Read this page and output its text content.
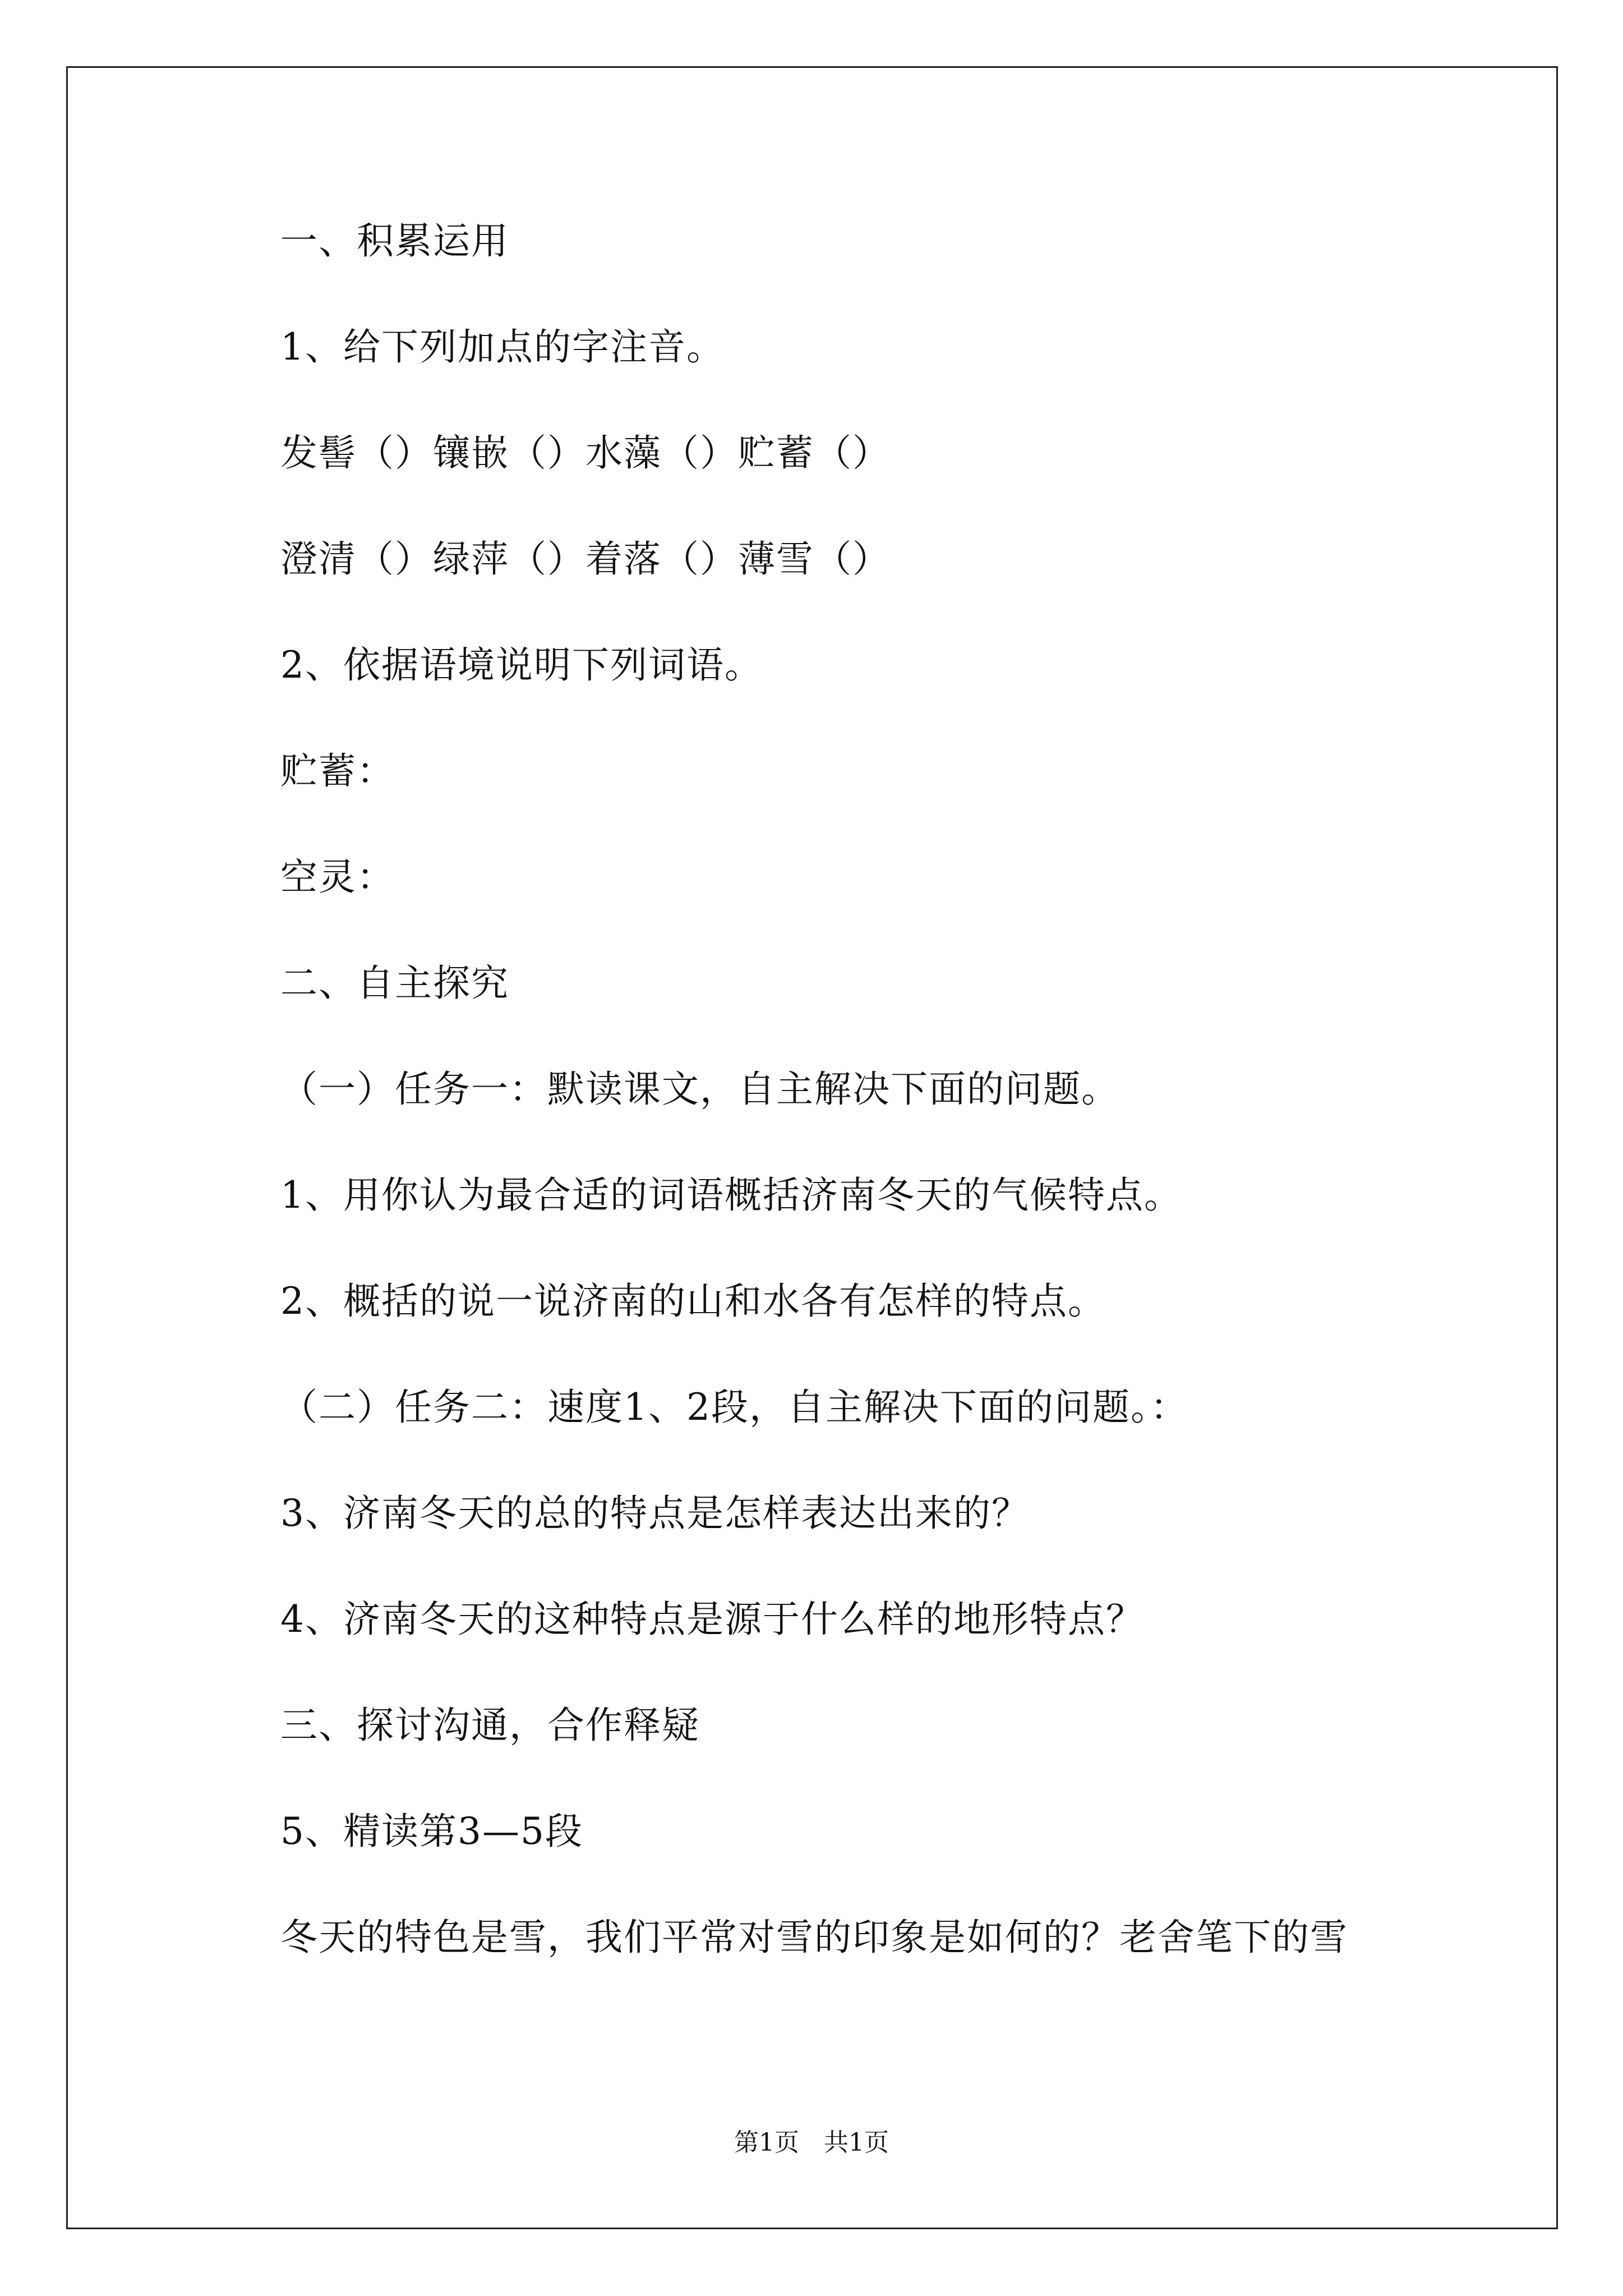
一、积累运用
1、给下列加点的字注音。
发髻（）镶嵌（）水藻（）贮蓄（）
澄清（）绿萍（）着落（）薄雪（）
2、依据语境说明下列词语。
贮蓄：
空灵：
二、自主探究
（一）任务一：默读课文，自主解决下面的问题。
1、用你认为最合适的词语概括济南冬天的气候特点。
2、概括的说一说济南的山和水各有怎样的特点。
（二）任务二：速度1、2段，自主解决下面的问题。：
3、济南冬天的总的特点是怎样表达出来的？
4、济南冬天的这种特点是源于什么样的地形特点？
三、探讨沟通，合作释疑
5、精读第3—5段
冬天的特色是雪，我们平常对雪的印象是如何的？老舍笔下的雪
第1页　共1页
